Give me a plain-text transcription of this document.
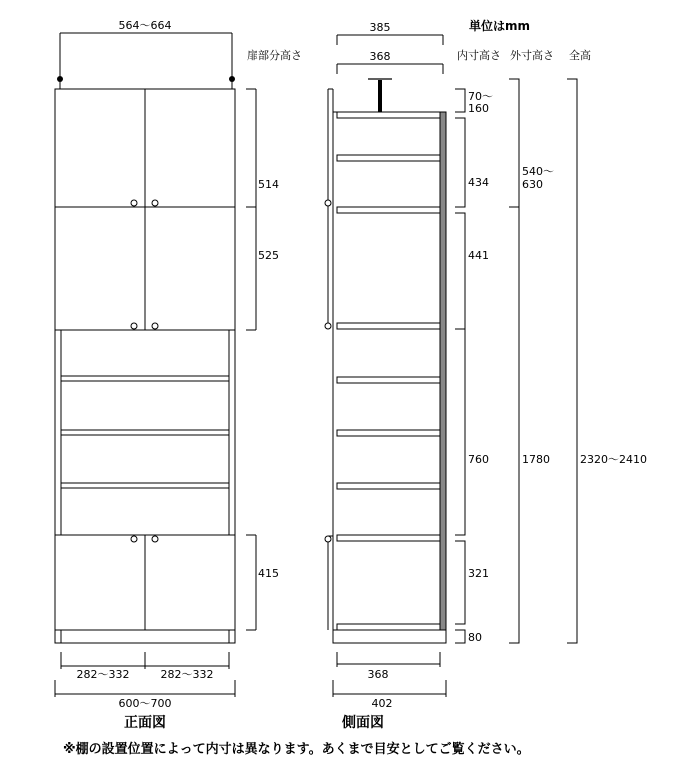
564～664
扉部分高さ
514
525
415
282～332	282～332
600～700
正面図
385
368
368
402
側面図
単位はmm
内寸高さ 外寸高さ 全高
70～
160
434
441
760
321
80
540～
630
1780	2320～2410
※棚の設置位置によって内寸は異なります。あくまで目安としてご覧ください。
